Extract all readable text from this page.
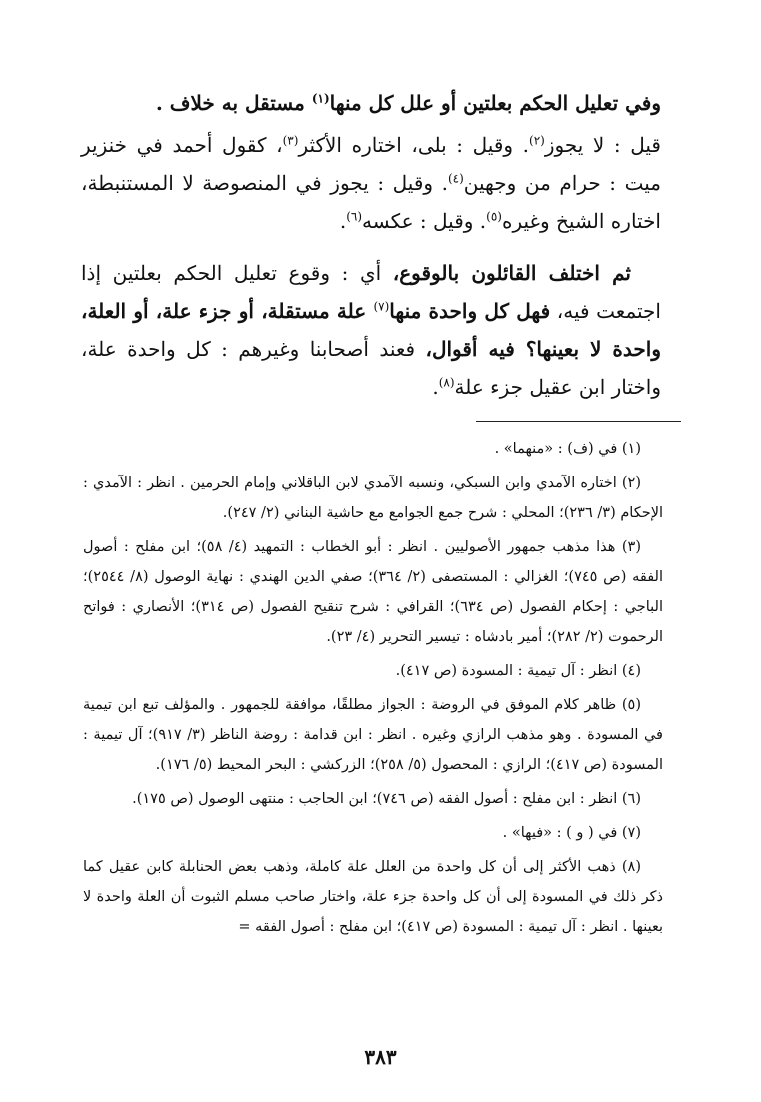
وفي تعليل الحكم بعلتين أو علل كل منها$^{(١)}$ مستقل به خلاف .

قيل : لا يجوز$^{(٢)}$. وقيل : بلى، اختاره الأكثر$^{(٣)}$، كقول أحمد في خنزير ميت : حرام من وجهين$^{(٤)}$. وقيل : يجوز في المنصوصة لا المستنبطة، اختاره الشيخ وغيره$^{(٥)}$. وقيل : عكسه$^{(٦)}$.

ثم اختلف القائلون بالوقوع، أي : وقوع تعليل الحكم بعلتين إذا اجتمعت فيه، فهل كل واحدة منها$^{(٧)}$ علة مستقلة، أو جزء علة، أو العلة، واحدة لا بعينها؟ فيه أقوال، فعند أصحابنا وغيرهم : كل واحدة علة، واختار ابن عقيل جزء علة$^{(٨)}$.

(١) في (ف) : «منهما» .

(٢) اختاره الآمدي وابن السبكي، ونسبه الآمدي لابن الباقلاني وإمام الحرمين . انظر : الآمدي : الإحكام (٣/ ٢٣٦)؛ المحلي : شرح جمع الجوامع مع حاشية البناني (٢/ ٢٤٧).

(٣) هذا مذهب جمهور الأصوليين . انظر : أبو الخطاب : التمهيد (٤/ ٥٨)؛ ابن مفلح : أصول الفقه (ص ٧٤٥)؛ الغزالي : المستصفى (٢/ ٣٦٤)؛ صفي الدين الهندي : نهاية الوصول (٨/ ٢٥٤٤)؛ الباجي : إحكام الفصول (ص ٦٣٤)؛ القرافي : شرح تنقيح الفصول (ص ٣١٤)؛ الأنصاري : فواتح الرحموت (٢/ ٢٨٢)؛ أمير بادشاه : تيسير التحرير (٤/ ٢٣).

(٤) انظر : آل تيمية : المسودة (ص ٤١٧).

(٥) ظاهر كلام الموفق في الروضة : الجواز مطلقًا، موافقة للجمهور . والمؤلف تبع ابن تيمية في المسودة . وهو مذهب الرازي وغيره . انظر : ابن قدامة : روضة الناظر (٣/ ٩١٧)؛ آل تيمية : المسودة (ص ٤١٧)؛ الرازي : المحصول (٥/ ٢٥٨)؛ الزركشي : البحر المحيط (٥/ ١٧٦).

(٦) انظر : ابن مفلح : أصول الفقه (ص ٧٤٦)؛ ابن الحاجب : منتهى الوصول (ص ١٧٥).

(٧) في ( و ) : «فيها» .

(٨) ذهب الأكثر إلى أن كل واحدة من العلل علة كاملة، وذهب بعض الحنابلة كابن عقيل كما ذكر ذلك في المسودة إلى أن كل واحدة جزء علة، واختار صاحب مسلم الثبوت أن العلة واحدة لا بعينها . انظر : آل تيمية : المسودة (ص ٤١٧)؛ ابن مفلح : أصول الفقه =

٣٨٣
